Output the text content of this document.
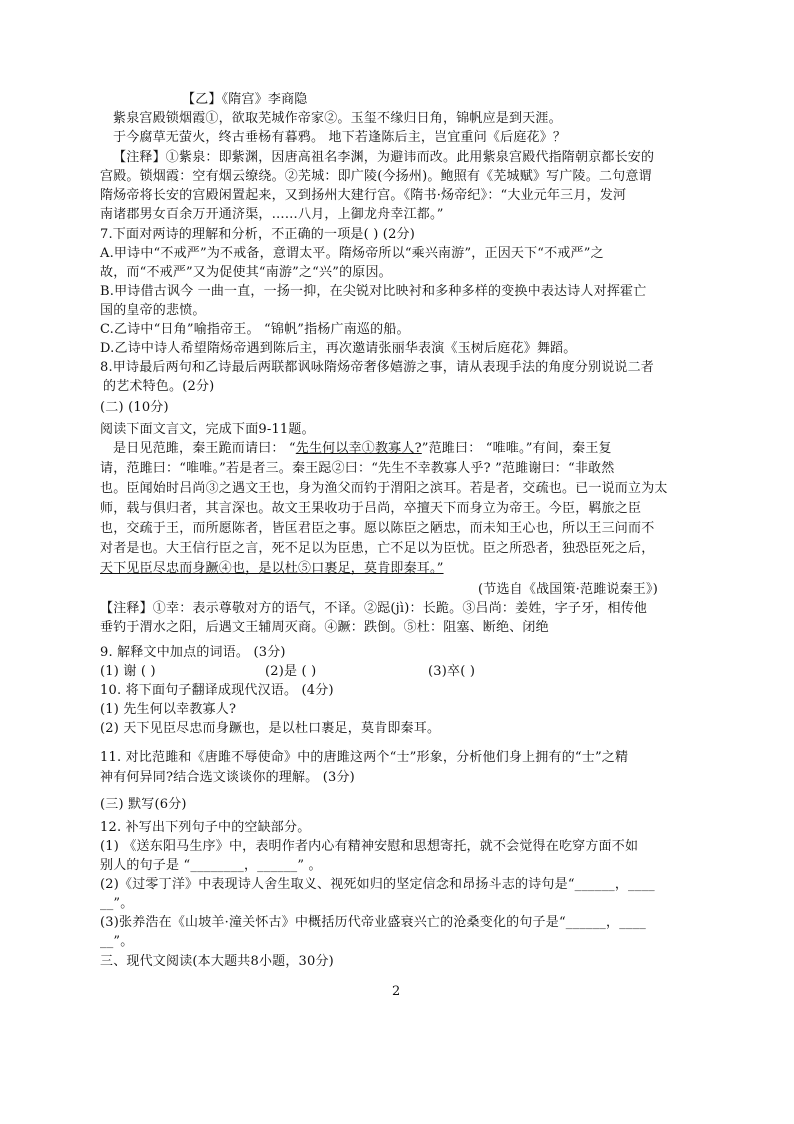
【乙】《隋宫》李商隐
紫泉宫殿锁烟霞①，欲取芜城作帝家②。玉玺不缘归日角，锦帆应是到天涯。
于今腐草无萤火，终古垂杨有暮鸦。 地下若逢陈后主，岂宜重问《后庭花》？
【注释】①紫泉：即紫渊，因唐高祖名李渊，为避讳而改。此用紫泉宫殿代指隋朝京都长安的
宫殿。锁烟霞：空有烟云缭绕。②芜城：即广陵(今扬州)。鲍照有《芜城赋》写广陵。二句意谓
隋炀帝将长安的宫殿闲置起来，又到扬州大建行宫。《隋书·炀帝纪》：“大业元年三月，发河
南诸郡男女百余万开通济渠，……八月，上御龙舟幸江都。”
7.下面对两诗的理解和分析，不正确的一项是( ) (2分)
A.甲诗中“不戒严”为不戒备，意谓太平。隋炀帝所以“乘兴南游”，正因天下“不戒严”之
故，而“不戒严”又为促使其“南游”之“兴”的原因。
B.甲诗借古讽今 一曲一直，一扬一抑，在尖锐对比映衬和多种多样的变换中表达诗人对挥霍亡
国的皇帝的悲愤。
C.乙诗中“日角”喻指帝王。 “锦帆”指杨广南巡的船。
D.乙诗中诗人希望隋炀帝遇到陈后主，再次邀请张丽华表演《玉树后庭花》舞蹈。
8.甲诗最后两句和乙诗最后两联都讽咏隋炀帝奢侈嬉游之事，请从表现手法的角度分别说说二者
的艺术特色。(2分)
(二) (10分)
阅读下面文言文，完成下面9-11题。
是日见范雎，秦王跪而请曰： “先生何以幸①教寡人?”范雎曰： “唯唯。”有间，秦王复
请，范雎曰：“唯唯。”若是者三。秦王跽②曰：“先生不幸教寡人乎? ”范雎谢曰：“非敢然
也。臣闻始时吕尚③之遇文王也，身为渔父而钓于渭阳之滨耳。若是者，交疏也。已一说而立为太
师，载与俱归者，其言深也。故文王果收功于吕尚，卒擅天下而身立为帝王。今臣，羁旅之臣
也，交疏于王，而所愿陈者，皆匡君臣之事。愿以陈臣之陋忠，而未知王心也，所以王三问而不
对者是也。大王信行臣之言，死不足以为臣患，亡不足以为臣忧。臣之所恐者，独恐臣死之后，
天下见臣尽忠而身蹶④也，是以杜⑤口裹足，莫肯即秦耳。”
(节选自《战国策·范雎说秦王》)
【注释】①幸：表示尊敬对方的语气，不译。②跽(jì)：长跪。③吕尚：姜姓，字子牙，相传他
垂钓于渭水之阳，后遇文王辅周灭商。④蹶：跌倒。⑤杜：阻塞、断绝、闭绝
9. 解释文中加点的词语。 (3分)
(1) 谢 ( )	(2)是 ( )	(3)卒( )
10. 将下面句子翻译成现代汉语。 (4分)
(1) 先生何以幸教寡人?
(2) 天下见臣尽忠而身蹶也，是以杜口裹足，莫肯即秦耳。
11. 对比范雎和《唐雎不辱使命》中的唐雎这两个“士”形象，分析他们身上拥有的“士”之精
神有何异同?结合选文谈谈你的理解。 (3分)
(三) 默写(6分)
12. 补写出下列句子中的空缺部分。
(1) 《送东阳马生序》中，表明作者内心有精神安慰和思想寄托，就不会觉得在吃穿方面不如
别人的句子是 “________，______” 。
(2)《过零丁洋》中表现诗人舍生取义、视死如归的坚定信念和昂扬斗志的诗句是“______，____
__”。
(3)张养浩在《山坡羊·潼关怀古》中概括历代帝业盛衰兴亡的沧桑变化的句子是“______，____
__”。
三、现代文阅读(本大题共8小题，30分)
2
